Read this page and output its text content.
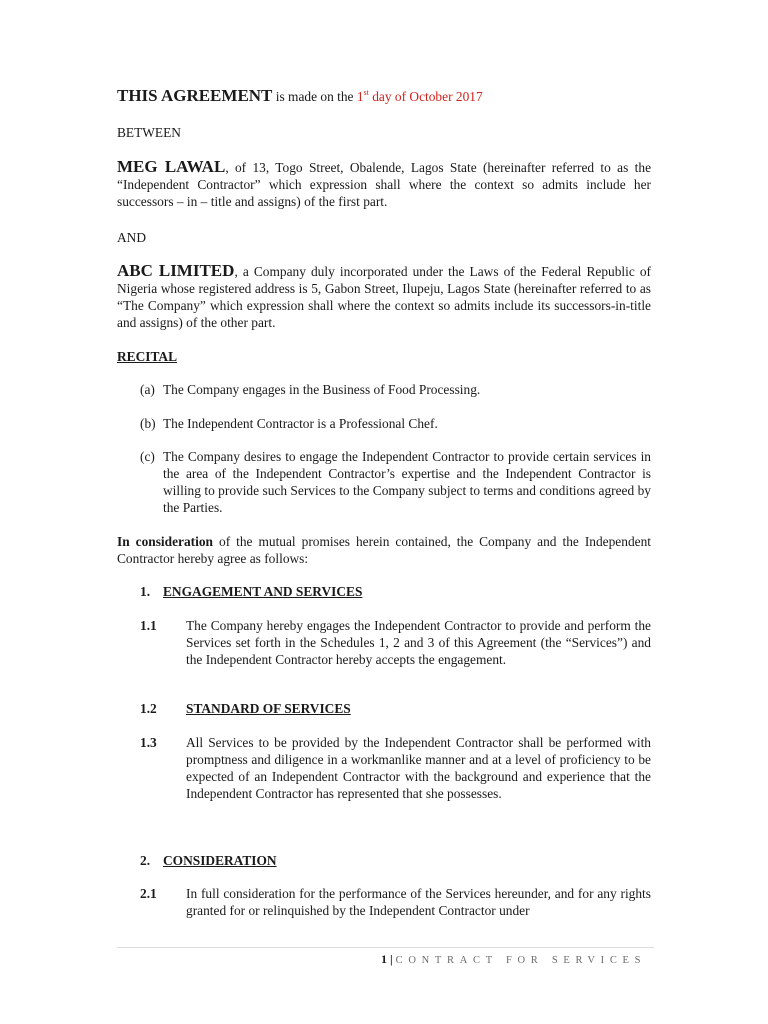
THIS AGREEMENT is made on the 1st day of October 2017

BETWEEN

MEG LAWAL, of 13, Togo Street, Obalende, Lagos State (hereinafter referred to as the “Independent Contractor” which expression shall where the context so admits include her successors – in – title and assigns) of the first part.

AND

ABC LIMITED, a Company duly incorporated under the Laws of the Federal Republic of Nigeria whose registered address is 5, Gabon Street, Ilupeju, Lagos State (hereinafter referred to as “The Company” which expression shall where the context so admits include its successors-in-title and assigns) of the other part.

RECITAL
(a) The Company engages in the Business of Food Processing.
(b) The Independent Contractor is a Professional Chef.
(c) The Company desires to engage the Independent Contractor to provide certain services in the area of the Independent Contractor’s expertise and the Independent Contractor is willing to provide such Services to the Company subject to terms and conditions agreed by the Parties.

In consideration of the mutual promises herein contained, the Company and the Independent Contractor hereby agree as follows:

1. ENGAGEMENT AND SERVICES
1.1 The Company hereby engages the Independent Contractor to provide and perform the Services set forth in the Schedules 1, 2 and 3 of this Agreement (the “Services”) and the Independent Contractor hereby accepts the engagement.

1.2 STANDARD OF SERVICES
1.3 All Services to be provided by the Independent Contractor shall be performed with promptness and diligence in a workmanlike manner and at a level of proficiency to be expected of an Independent Contractor with the background and experience that the Independent Contractor has represented that she possesses.

2. CONSIDERATION
2.1 In full consideration for the performance of the Services hereunder, and for any rights granted for or relinquished by the Independent Contractor under

1 | CONTRACT FOR SERVICES
